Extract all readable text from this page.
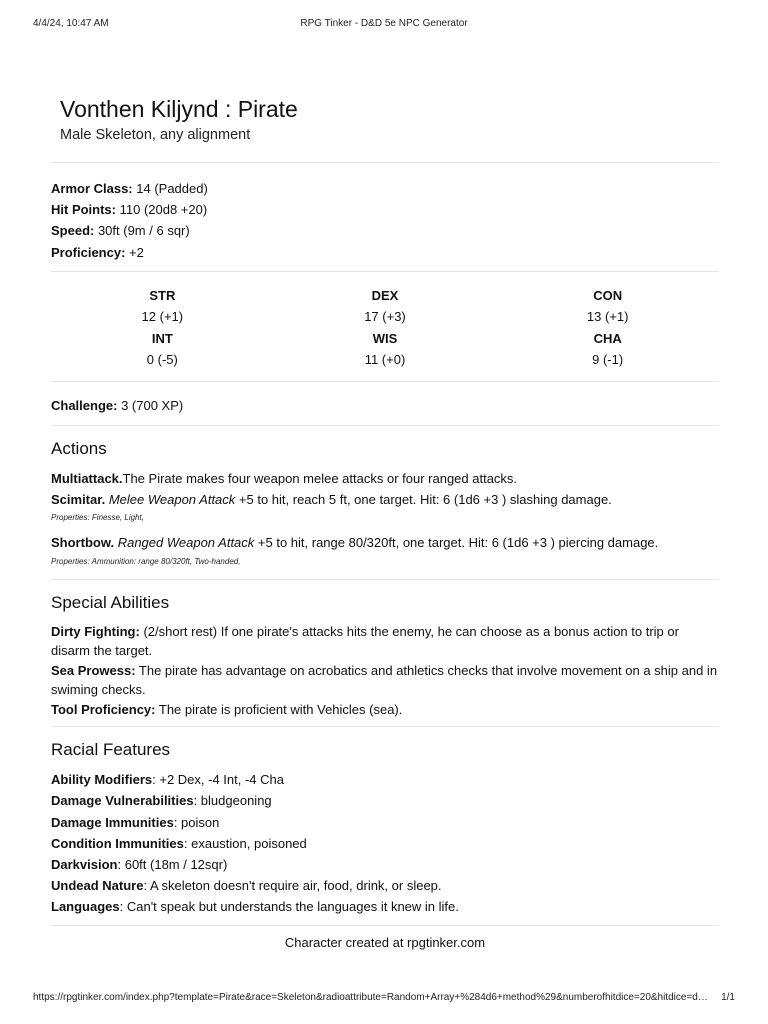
4/4/24, 10:47 AM	RPG Tinker - D&D 5e NPC Generator
Vonthen Kiljynd : Pirate
Male Skeleton, any alignment
Armor Class: 14 (Padded)
Hit Points: 110 (20d8 +20)
Speed: 30ft (9m / 6 sqr)
Proficiency: +2
STR
12 (+1)
DEX
17 (+3)
CON
13 (+1)
INT
0 (-5)
WIS
11 (+0)
CHA
9 (-1)
Challenge: 3 (700 XP)
Actions
Multiattack.The Pirate makes four weapon melee attacks or four ranged attacks.
Scimitar. Melee Weapon Attack +5 to hit, reach 5 ft, one target. Hit: 6 (1d6 +3 ) slashing damage.
Properties: Finesse, Light,
Shortbow. Ranged Weapon Attack +5 to hit, range 80/320ft, one target. Hit: 6 (1d6 +3 ) piercing damage.
Properties: Ammunition: range 80/320ft, Two-handed,
Special Abilities
Dirty Fighting: (2/short rest) If one pirate's attacks hits the enemy, he can choose as a bonus action to trip or disarm the target.
Sea Prowess: The pirate has advantage on acrobatics and athletics checks that involve movement on a ship and in swiming checks.
Tool Proficiency: The pirate is proficient with Vehicles (sea).
Racial Features
Ability Modifiers: +2 Dex, -4 Int, -4 Cha
Damage Vulnerabilities: bludgeoning
Damage Immunities: poison
Condition Immunities: exaustion, poisoned
Darkvision: 60ft (18m / 12sqr)
Undead Nature: A skeleton doesn't require air, food, drink, or sleep.
Languages: Can't speak but understands the languages it knew in life.
Character created at rpgtinker.com
https://rpgtinker.com/index.php?template=Pirate&race=Skeleton&radioattribute=Random+Array+%284d6+method%29&numberofhitdice=20&hitdice=d…	1/1
